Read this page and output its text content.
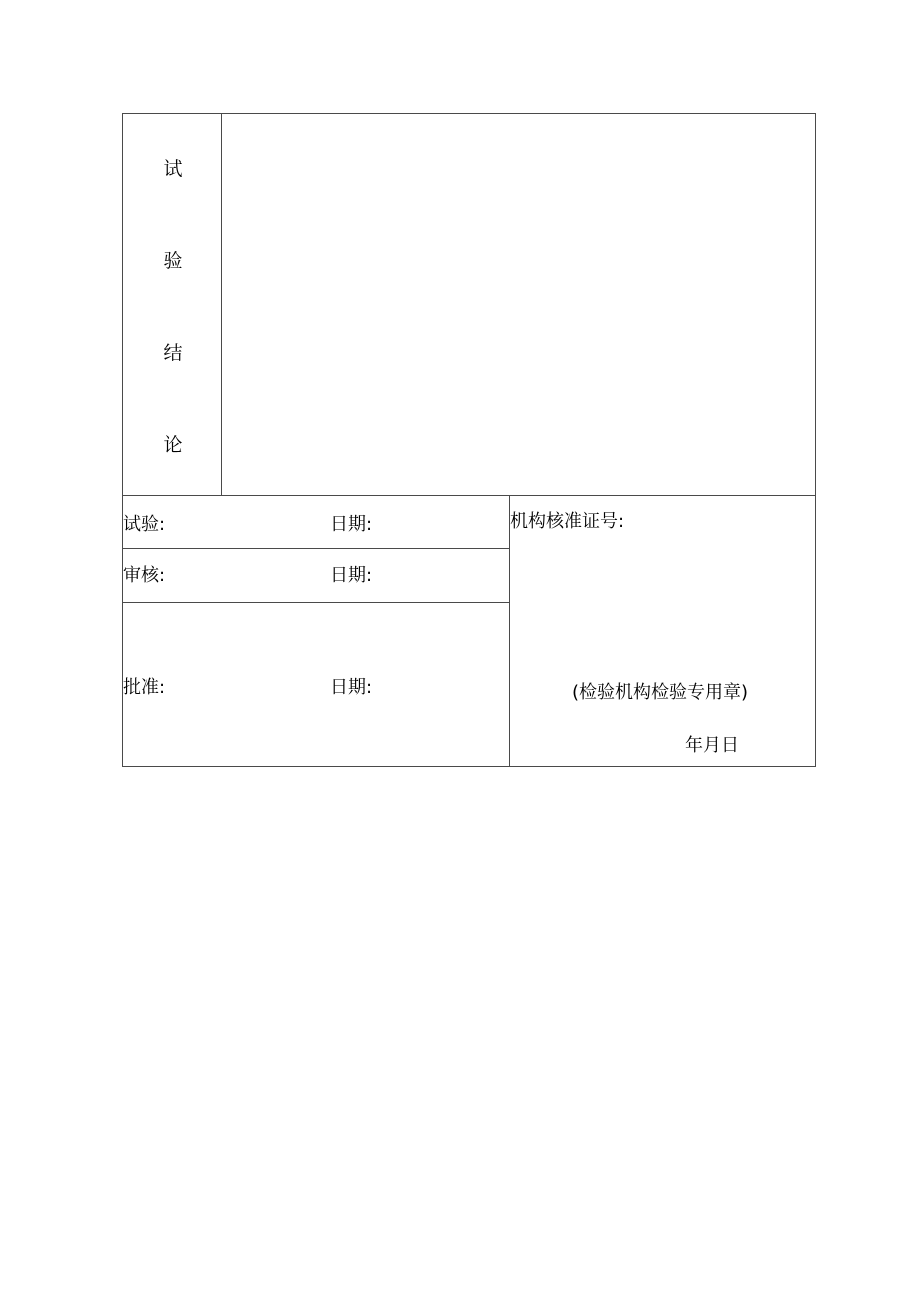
试
验
结
论
试验:	日期:
审核:	日期:
批准:	日期:
机构核准证号:
(检验机构检验专用章)
年月日
